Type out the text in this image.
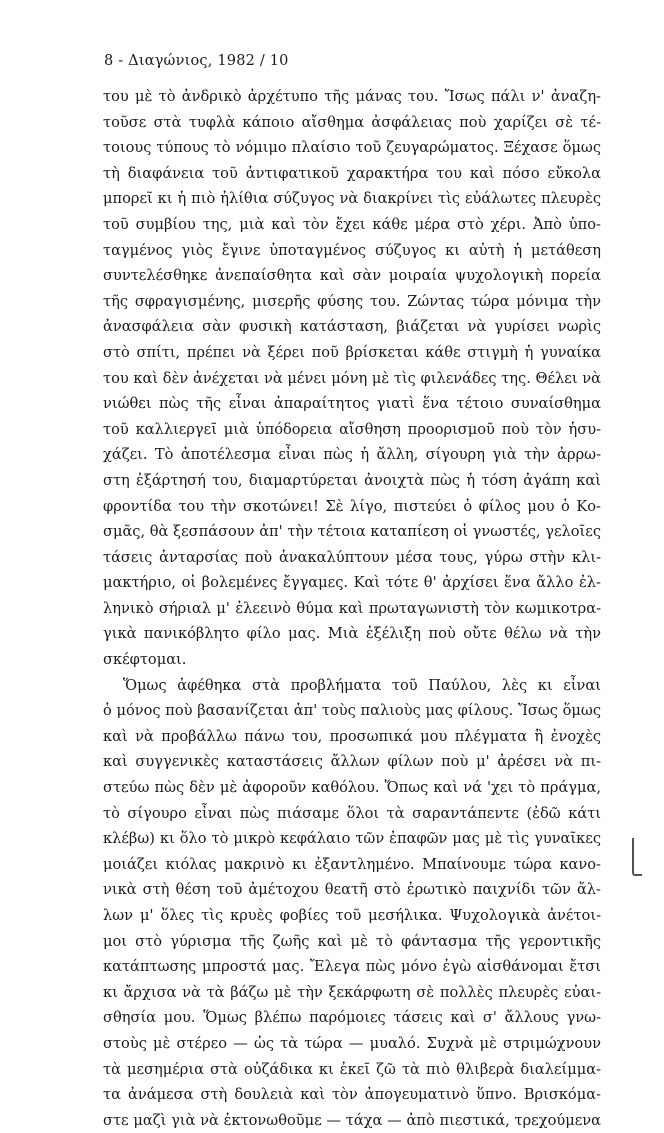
8 - Διαγώνιος, 1982 / 10
του μὲ τὸ ἀνδρικὸ ἀρχέτυπο τῆς μάνας του. Ἴσως πάλι ν' ἀναζη-
τοῦσε στὰ τυφλὰ κάποιο αἴσθημα ἀσφάλειας ποὺ χαρίζει σὲ τέ-
τοιους τύπους τὸ νόμιμο πλαίσιο τοῦ ζευγαρώματος. Ξέχασε ὅμως
τὴ διαφάνεια τοῦ ἀντιφατικοῦ χαρακτήρα του καὶ πόσο εὔκολα
μπορεῖ κι ἡ πιὸ ἠλίθια σύζυγος νὰ διακρίνει τὶς εὐάλωτες πλευρὲς
τοῦ συμβίου της, μιὰ καὶ τὸν ἔχει κάθε μέρα στὸ χέρι. Ἀπὸ ὑπο-
ταγμένος γιὸς ἔγινε ὑποταγμένος σύζυγος κι αὐτὴ ἡ μετάθεση
συντελέσθηκε ἀνεπαίσθητα καὶ σὰν μοιραία ψυχολογικὴ πορεία
τῆς σφραγισμένης, μισερῆς φύσης του. Ζώντας τώρα μόνιμα τὴν
ἀνασφάλεια σὰν φυσικὴ κατάσταση, βιάζεται νὰ γυρίσει νωρὶς
στὸ σπίτι, πρέπει νὰ ξέρει ποῦ βρίσκεται κάθε στιγμὴ ἡ γυναίκα
του καὶ δὲν ἀνέχεται νὰ μένει μόνη μὲ τὶς φιλενάδες της. Θέλει νὰ
νιώθει πὼς τῆς εἶναι ἀπαραίτητος γιατὶ ἕνα τέτοιο συναίσθημα
τοῦ καλλιεργεῖ μιὰ ὑπόδορεια αἴσθηση προορισμοῦ ποὺ τὸν ἡσυ-
χάζει. Τὸ ἀποτέλεσμα εἶναι πὼς ἡ ἄλλη, σίγουρη γιὰ τὴν ἀρρω-
στη ἐξάρτησή του, διαμαρτύρεται ἀνοιχτὰ πὼς ἡ τόση ἀγάπη καὶ
φροντίδα του τὴν σκοτώνει! Σὲ λίγο, πιστεύει ὁ φίλος μου ὁ Κο-
σμᾶς, θὰ ξεσπάσουν ἀπ' τὴν τέτοια καταπίεση οἱ γνωστές, γελοῖες
τάσεις ἀνταρσίας ποὺ ἀνακαλύπτουν μέσα τους, γύρω στὴν κλι-
μακτήριο, οἱ βολεμένες ἔγγαμες. Καὶ τότε θ' ἀρχίσει ἕνα ἄλλο ἐλ-
ληνικὸ σήριαλ μ' ἐλεεινὸ θύμα καὶ πρωταγωνιστὴ τὸν κωμικοτρα-
γικὰ πανικόβλητο φίλο μας. Μιὰ ἐξέλιξη ποὺ οὔτε θέλω νὰ τὴν
σκέφτομαι.
Ὅμως ἀφέθηκα στὰ προβλήματα τοῦ Παύλου, λὲς κι εἶναι
ὁ μόνος ποὺ βασανίζεται ἀπ' τοὺς παλιοὺς μας φίλους. Ἴσως ὅμως
καὶ νὰ προβάλλω πάνω του, προσωπικά μου πλέγματα ἢ ἐνοχὲς
καὶ συγγενικὲς καταστάσεις ἄλλων φίλων ποὺ μ' ἀρέσει νὰ πι-
στεύω πὼς δὲν μὲ ἀφοροῦν καθόλου. Ὅπως καὶ νά 'χει τὸ πράγμα,
τὸ σίγουρο εἶναι πὼς πιάσαμε ὅλοι τὰ σαραντάπεντε (ἐδῶ κάτι
κλέβω) κι ὅλο τὸ μικρὸ κεφάλαιο τῶν ἐπαφῶν μας μὲ τὶς γυναῖκες
μοιάζει κιόλας μακρινὸ κι ἐξαντλημένο. Μπαίνουμε τώρα κανο-
νικὰ στὴ θέση τοῦ ἀμέτοχου θεατῆ στὸ ἐρωτικὸ παιχνίδι τῶν ἄλ-
λων μ' ὅλες τὶς κρυὲς φοβίες τοῦ μεσήλικα. Ψυχολογικὰ ἀνέτοι-
μοι στὸ γύρισμα τῆς ζωῆς καὶ μὲ τὸ φάντασμα τῆς γεροντικῆς
κατάπτωσης μπροστά μας. Ἔλεγα πὼς μόνο ἐγὼ αἰσθάνομαι ἔτσι
κι ἄρχισα νὰ τὰ βάζω μὲ τὴν ξεκάρφωτη σὲ πολλὲς πλευρὲς εὐαι-
σθησία μου. Ὅμως βλέπω παρόμοιες τάσεις καὶ σ' ἄλλους γνω-
στοὺς μὲ στέρεο — ὡς τὰ τώρα — μυαλό. Συχνὰ μὲ στριμώχνουν
τὰ μεσημέρια στὰ οὐζάδικα κι ἐκεῖ ζῶ τὰ πιὸ θλιβερὰ διαλείμμα-
τα ἀνάμεσα στὴ δουλειὰ καὶ τὸν ἀπογευματινὸ ὕπνο. Βρισκόμα-
στε μαζὶ γιὰ νὰ ἐκτονωθοῦμε — τάχα — ἀπὸ πιεστικά, τρεχούμενα
